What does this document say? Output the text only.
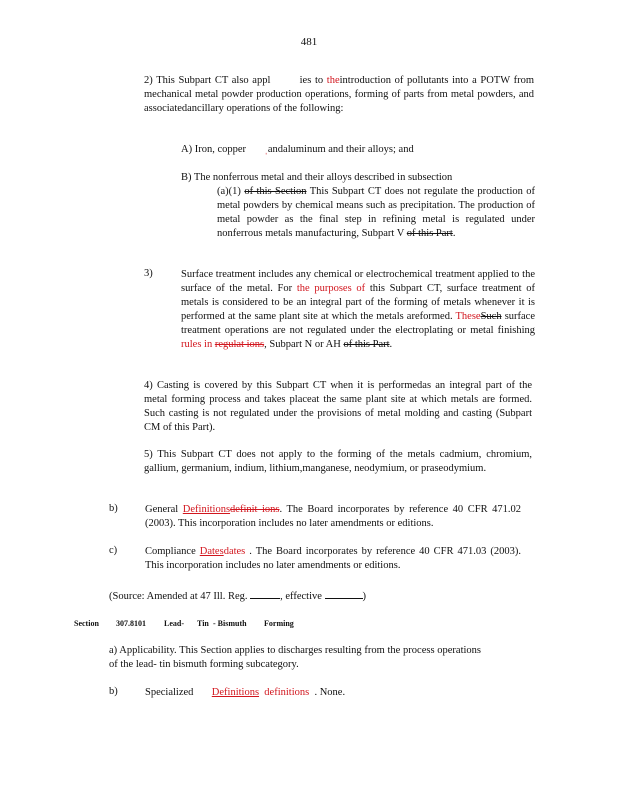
481
2) This Subpart CT also appl	ies to theintroduction of pollutants into a POTW from mechanical metal powder production operations, forming of parts from metal powders, and associatedancillary operations of the following:
A) Iron, copper ˌandaluminum and their alloys; and
B) The nonferrous metal and their alloys described in subsection
(a)(1) of this Section This Subpart CT does not regulate the production of metal powders by chemical means such as precipitation. The production of metal powder as the final step in refining metal is regulated under nonferrous metals manufacturing, Subpart V of this Part.
3)	Surface treatment includes any chemical or electrochemical treatment applied to the surface of the metal. For the purposes of this Subpart CT, surface treatment of metals is considered to be an integral part of the forming of metals whenever it is performed at the same plant site at which the metals areformed. TheseSuch surface treatment operations are not regulated under the electroplating or metal finishing rules in regulat ions, Subpart N or AH of this Part.
4) Casting is covered by this Subpart CT when it is performedas an integral part of the metal forming process and takes placeat the same plant site at which metals are formed. Such casting is not regulated under the provisions of metal molding and casting (Subpart CM of this Part).
5) This Subpart CT does not apply to the forming of the metals cadmium, chromium, gallium, germanium, indium, lithium,manganese, neodymium, or praseodymium.
b)	General Definitionsdefinit ions. The Board incorporates by reference 40 CFR 471.02 (2003). This incorporation includes no later amendments or editions.
c)	Compliance Datesdates . The Board incorporates by reference 40 CFR 471.03 (2003). This incorporation includes no later amendments or editions.
(Source: Amended at 47 Ill. Reg.	, effective	)
Section 307.8101 Lead- Tin - Bismuth Forming
a) Applicability. This Section applies to discharges resulting from the process operations of the lead- tin bismuth forming subcategory.
b)	Specialized Definitions definitions . None.
